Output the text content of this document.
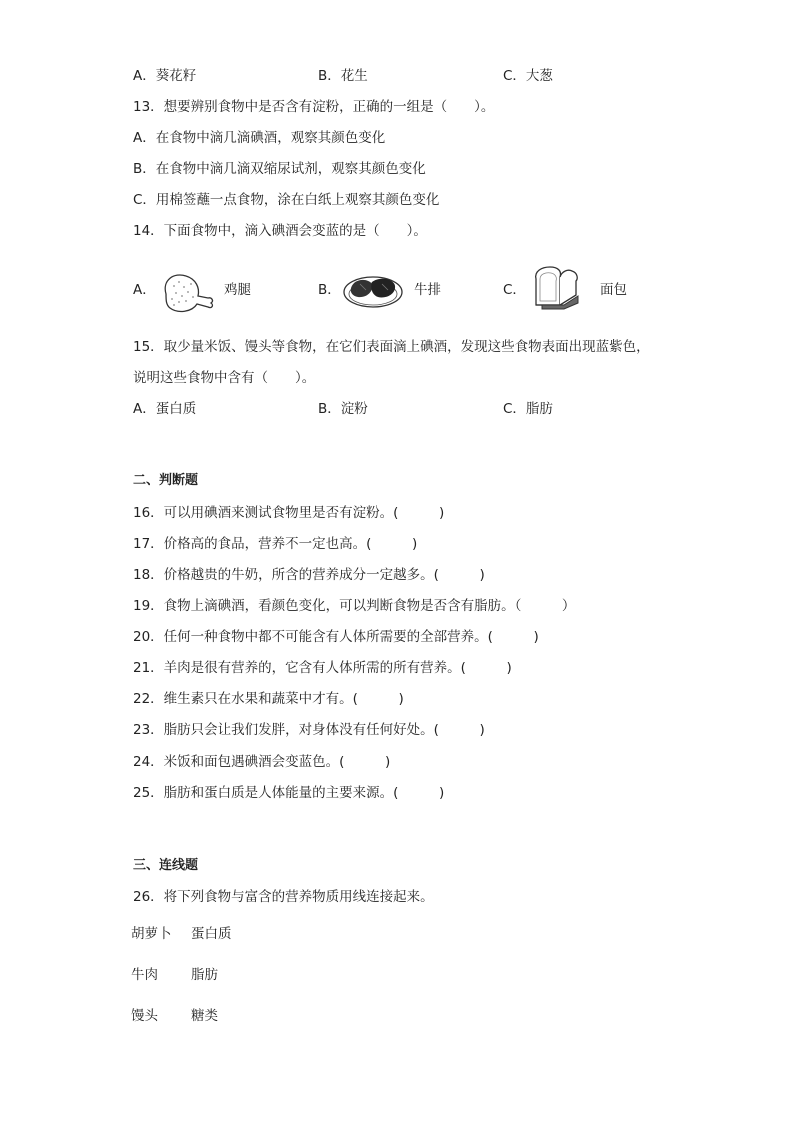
A．葵花籽	B．花生	C．大葱
13．想要辨别食物中是否含有淀粉，正确的一组是（　　）。
A．在食物中滴几滴碘酒，观察其颜色变化
B．在食物中滴几滴双缩尿试剂，观察其颜色变化
C．用棉签蘸一点食物，涂在白纸上观察其颜色变化
14．下面食物中，滴入碘酒会变蓝的是（　　）。
A．	鸡腿	B．	牛排	C．	面包
15．取少量米饭、馒头等食物，在它们表面滴上碘酒，发现这些食物表面出现蓝紫色，
说明这些食物中含有（　　）。
A．蛋白质	B．淀粉	C．脂肪
二、判断题
16．可以用碘酒来测试食物里是否有淀粉。(　　　)
17．价格高的食品，营养不一定也高。(　　　)
18．价格越贵的牛奶，所含的营养成分一定越多。(　　　)
19．食物上滴碘酒，看颜色变化，可以判断食物是否含有脂肪。（　　　）
20．任何一种食物中都不可能含有人体所需要的全部营养。(　　　)
21．羊肉是很有营养的，它含有人体所需的所有营养。(　　　)
22．维生素只在水果和蔬菜中才有。(　　　)
23．脂肪只会让我们发胖，对身体没有任何好处。(　　　)
24．米饭和面包遇碘酒会变蓝色。(　　　)
25．脂肪和蛋白质是人体能量的主要来源。(　　　)
三、连线题
26．将下列食物与富含的营养物质用线连接起来。
胡萝卜 蛋白质
牛肉 脂肪
馒头 糖类
